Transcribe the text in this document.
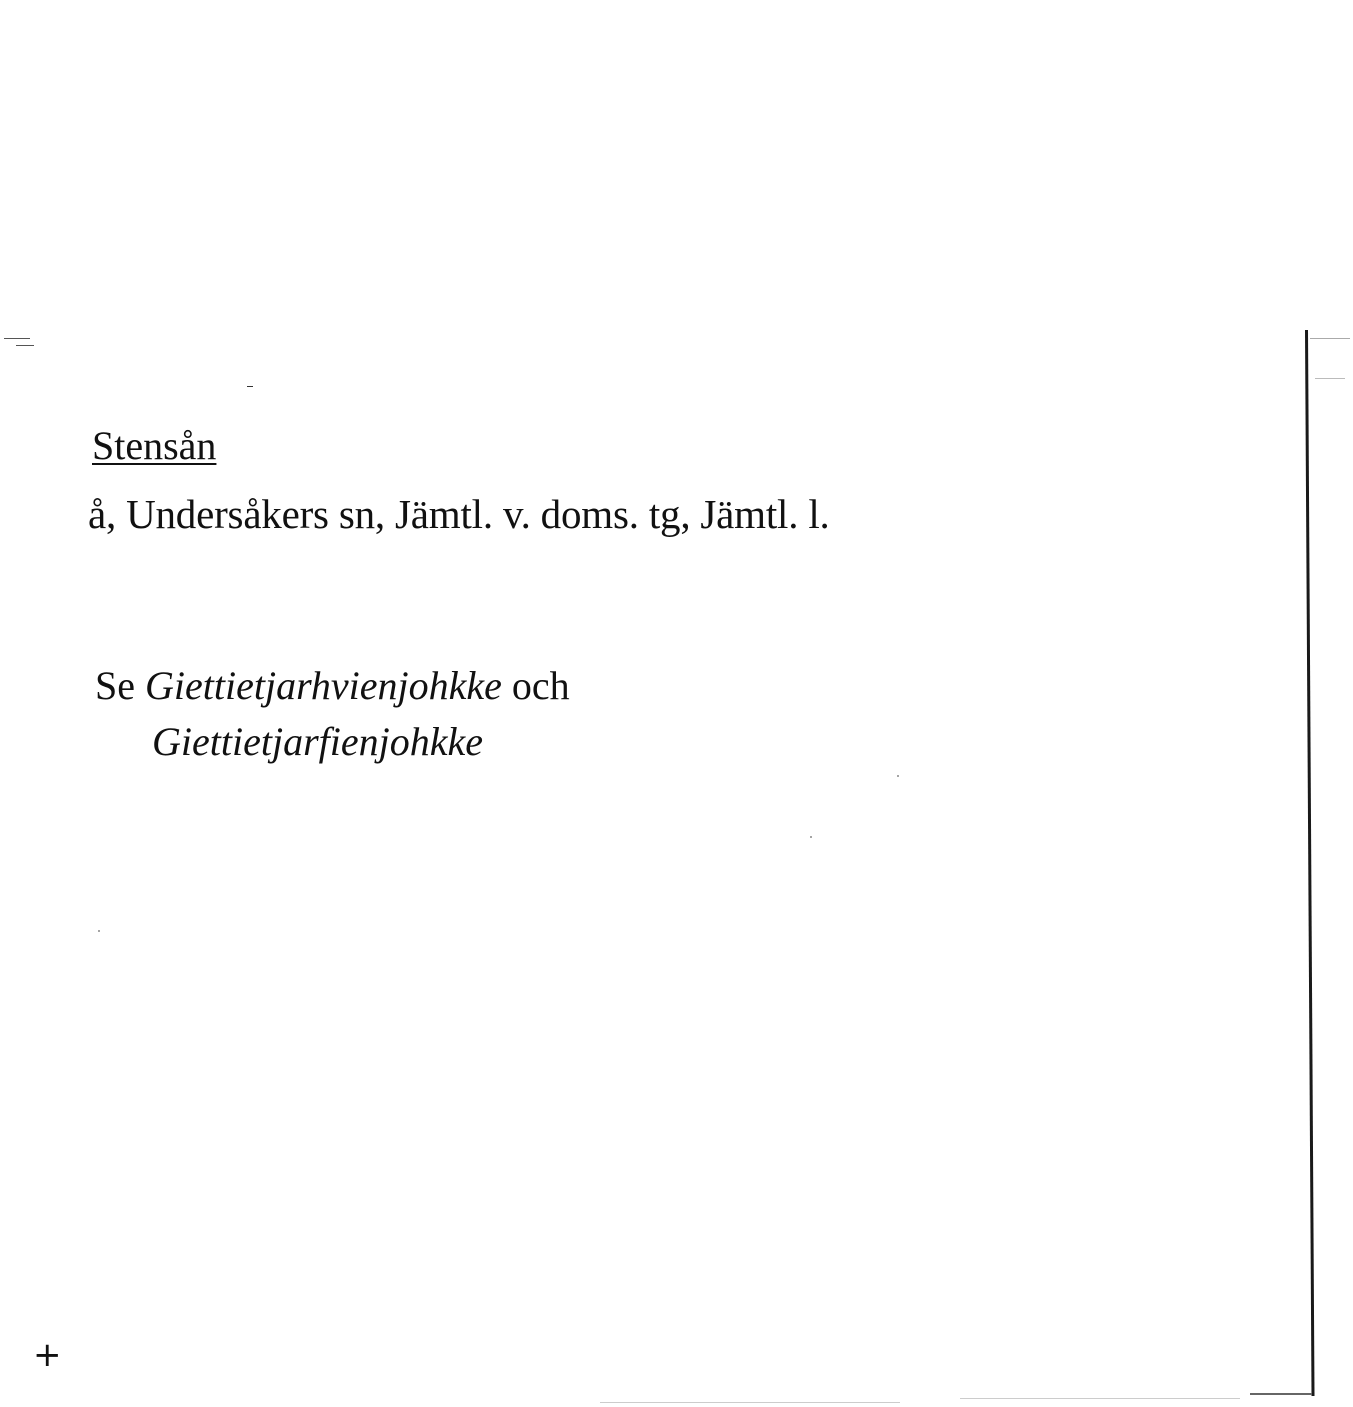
Stensån
å, Undersåkers sn, Jämtl. v. doms. tg, Jämtl. l.
Se Giettietjarhvienjohkke och
Giettietjarfienjohkke
+
